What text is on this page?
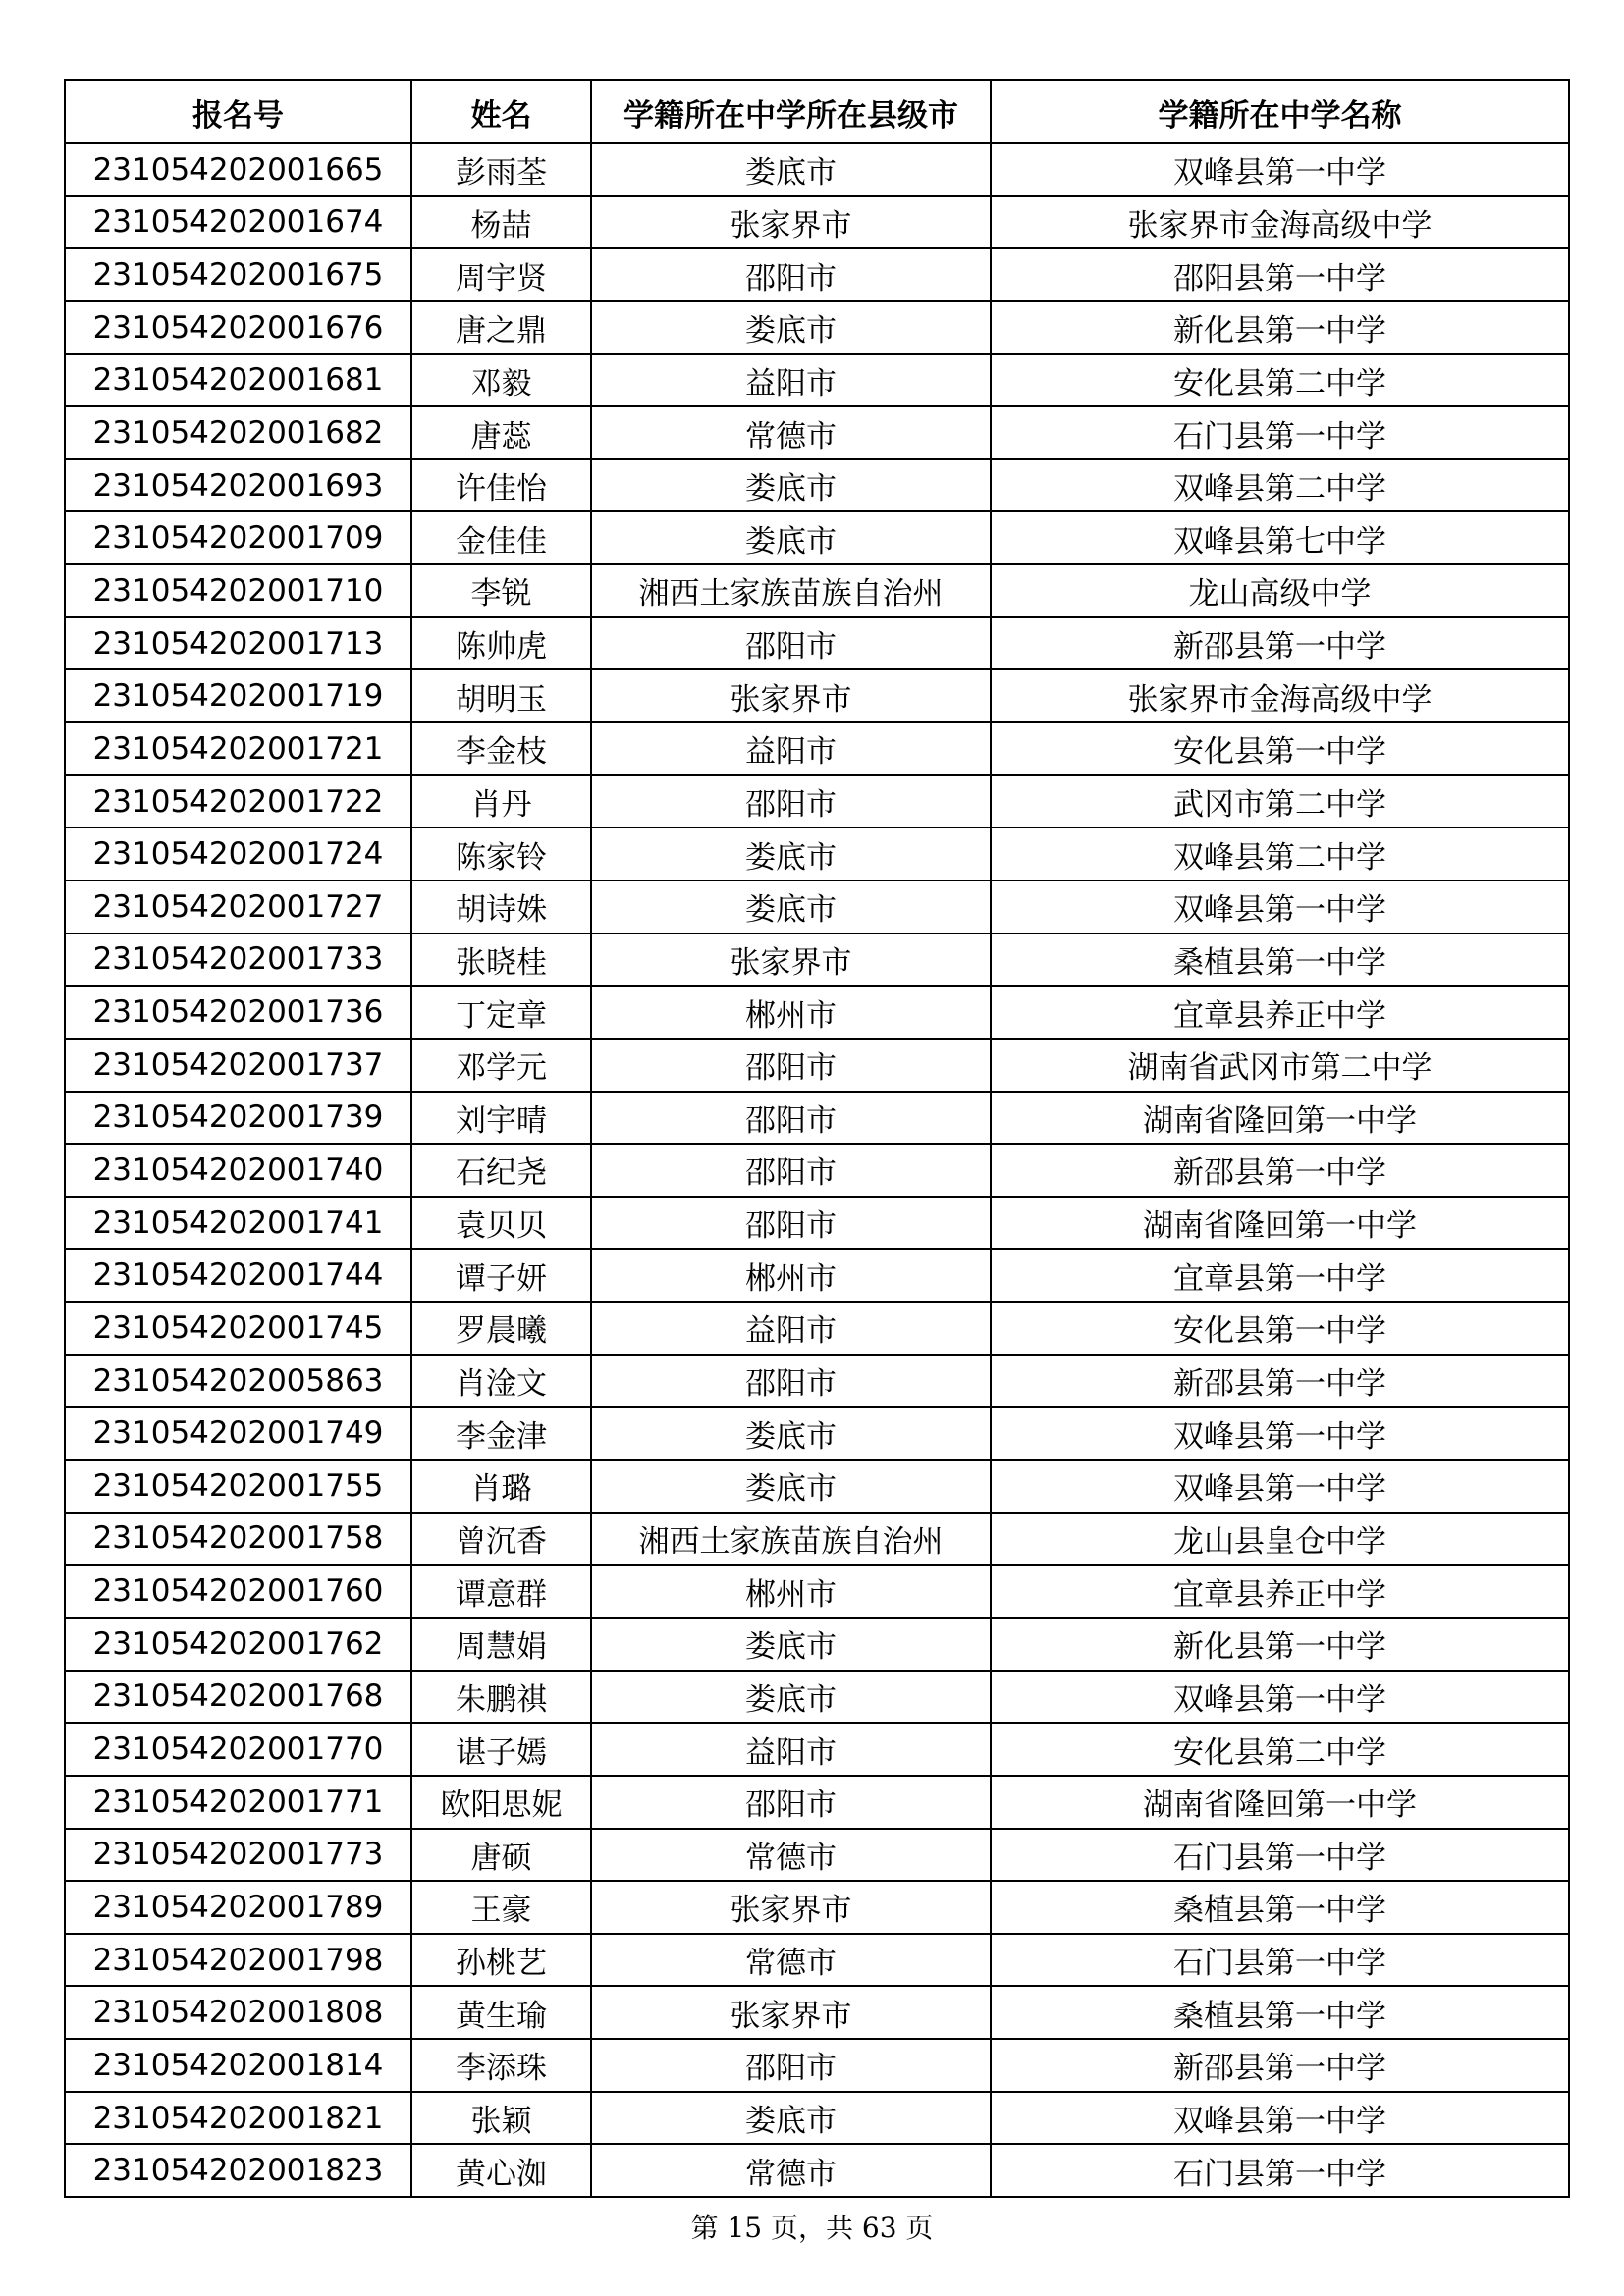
报名号	姓名	学籍所在中学所在县级市	学籍所在中学名称
231054202001665	彭雨荃	娄底市	双峰县第一中学
231054202001674	杨喆	张家界市	张家界市金海高级中学
231054202001675	周宇贤	邵阳市	邵阳县第一中学
231054202001676	唐之鼎	娄底市	新化县第一中学
231054202001681	邓毅	益阳市	安化县第二中学
231054202001682	唐蕊	常德市	石门县第一中学
231054202001693	许佳怡	娄底市	双峰县第二中学
231054202001709	金佳佳	娄底市	双峰县第七中学
231054202001710	李锐	湘西土家族苗族自治州	龙山高级中学
231054202001713	陈帅虎	邵阳市	新邵县第一中学
231054202001719	胡明玉	张家界市	张家界市金海高级中学
231054202001721	李金枝	益阳市	安化县第一中学
231054202001722	肖丹	邵阳市	武冈市第二中学
231054202001724	陈家铃	娄底市	双峰县第二中学
231054202001727	胡诗姝	娄底市	双峰县第一中学
231054202001733	张晓桂	张家界市	桑植县第一中学
231054202001736	丁定章	郴州市	宜章县养正中学
231054202001737	邓学元	邵阳市	湖南省武冈市第二中学
231054202001739	刘宇晴	邵阳市	湖南省隆回第一中学
231054202001740	石纪尧	邵阳市	新邵县第一中学
231054202001741	袁贝贝	邵阳市	湖南省隆回第一中学
231054202001744	谭子妍	郴州市	宜章县第一中学
231054202001745	罗晨曦	益阳市	安化县第一中学
231054202005863	肖淦文	邵阳市	新邵县第一中学
231054202001749	李金津	娄底市	双峰县第一中学
231054202001755	肖璐	娄底市	双峰县第一中学
231054202001758	曾沉香	湘西土家族苗族自治州	龙山县皇仓中学
231054202001760	谭意群	郴州市	宜章县养正中学
231054202001762	周慧娟	娄底市	新化县第一中学
231054202001768	朱鹏祺	娄底市	双峰县第一中学
231054202001770	谌子嫣	益阳市	安化县第二中学
231054202001771	欧阳思妮	邵阳市	湖南省隆回第一中学
231054202001773	唐硕	常德市	石门县第一中学
231054202001789	王豪	张家界市	桑植县第一中学
231054202001798	孙桃艺	常德市	石门县第一中学
231054202001808	黄生瑜	张家界市	桑植县第一中学
231054202001814	李添珠	邵阳市	新邵县第一中学
231054202001821	张颖	娄底市	双峰县第一中学
231054202001823	黄心洳	常德市	石门县第一中学
第 15 页，共 63 页
